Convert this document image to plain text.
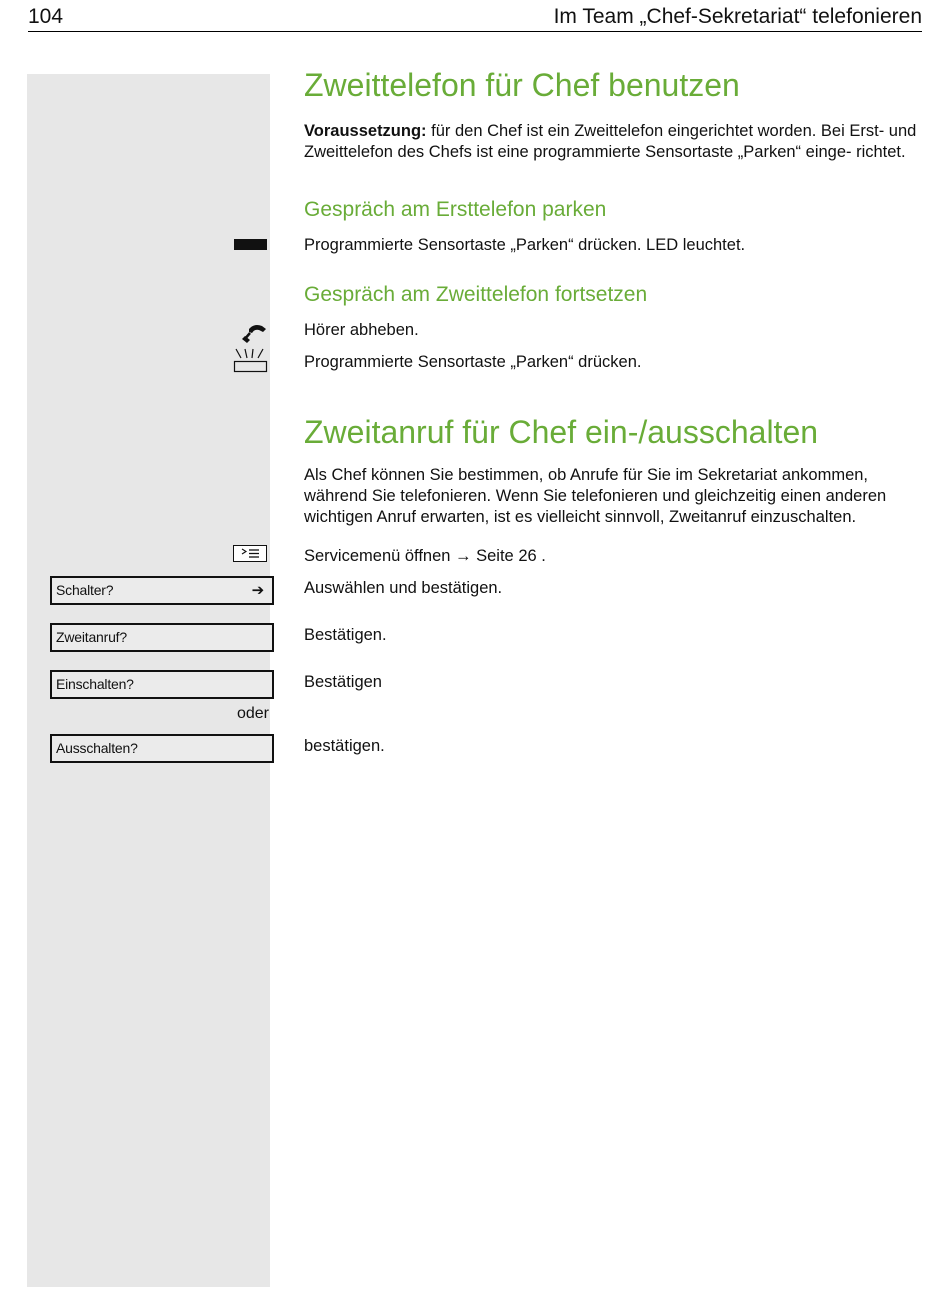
104	Im Team „Chef-Sekretariat“ telefonieren
Zweittelefon für Chef benutzen
Voraussetzung: für den Chef ist ein Zweittelefon eingerichtet worden. Bei Erst- und Zweittelefon des Chefs ist eine programmierte Sensortaste „Parken“ einge- richtet.
Gespräch am Ersttelefon parken
Programmierte Sensortaste „Parken“ drücken. LED leuchtet.
Gespräch am Zweittelefon fortsetzen
Hörer abheben.
Programmierte Sensortaste „Parken“ drücken.
Zweitanruf für Chef ein-/ausschalten
Als Chef können Sie bestimmen, ob Anrufe für Sie im Sekretariat ankommen, während Sie telefonieren. Wenn Sie telefonieren und gleichzeitig einen anderen wichtigen Anruf erwarten, ist es vielleicht sinnvoll, Zweitanruf einzuschalten.
Servicemenü öffnen → Seite 26 .
Schalter?	➔ Auswählen und bestätigen.
Zweitanruf?	Bestätigen.
Einschalten?	Bestätigen
oder
Ausschalten?	bestätigen.
